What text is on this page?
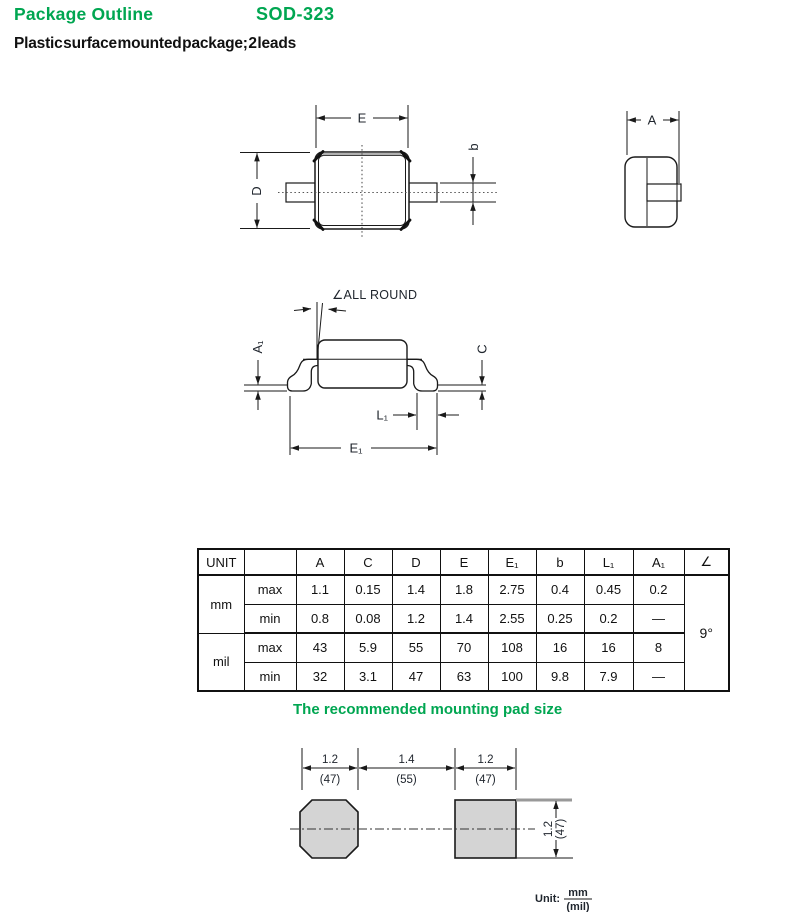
Package Outline	SOD-323
Plastic surface mounted package; 2 leads
E
D
b
A
∠ALL ROUND
A₁	C
L₁
E₁
UNIT		A	C	D	E	E₁	b	L₁	A₁	∠
mm	max	1.1	0.15	1.4	1.8	2.75	0.4	0.45	0.2	9°
	min	0.8	0.08	1.2	1.4	2.55	0.25	0.2	—	
mil	max	43	5.9	55	70	108	16	16	8	
	min	32	3.1	47	63	100	9.8	7.9	—	
The recommended mounting pad size
1.2
(47)
1.4
(55)
1.2
(47)
1.2 (47)
Unit: mm
(mil)
